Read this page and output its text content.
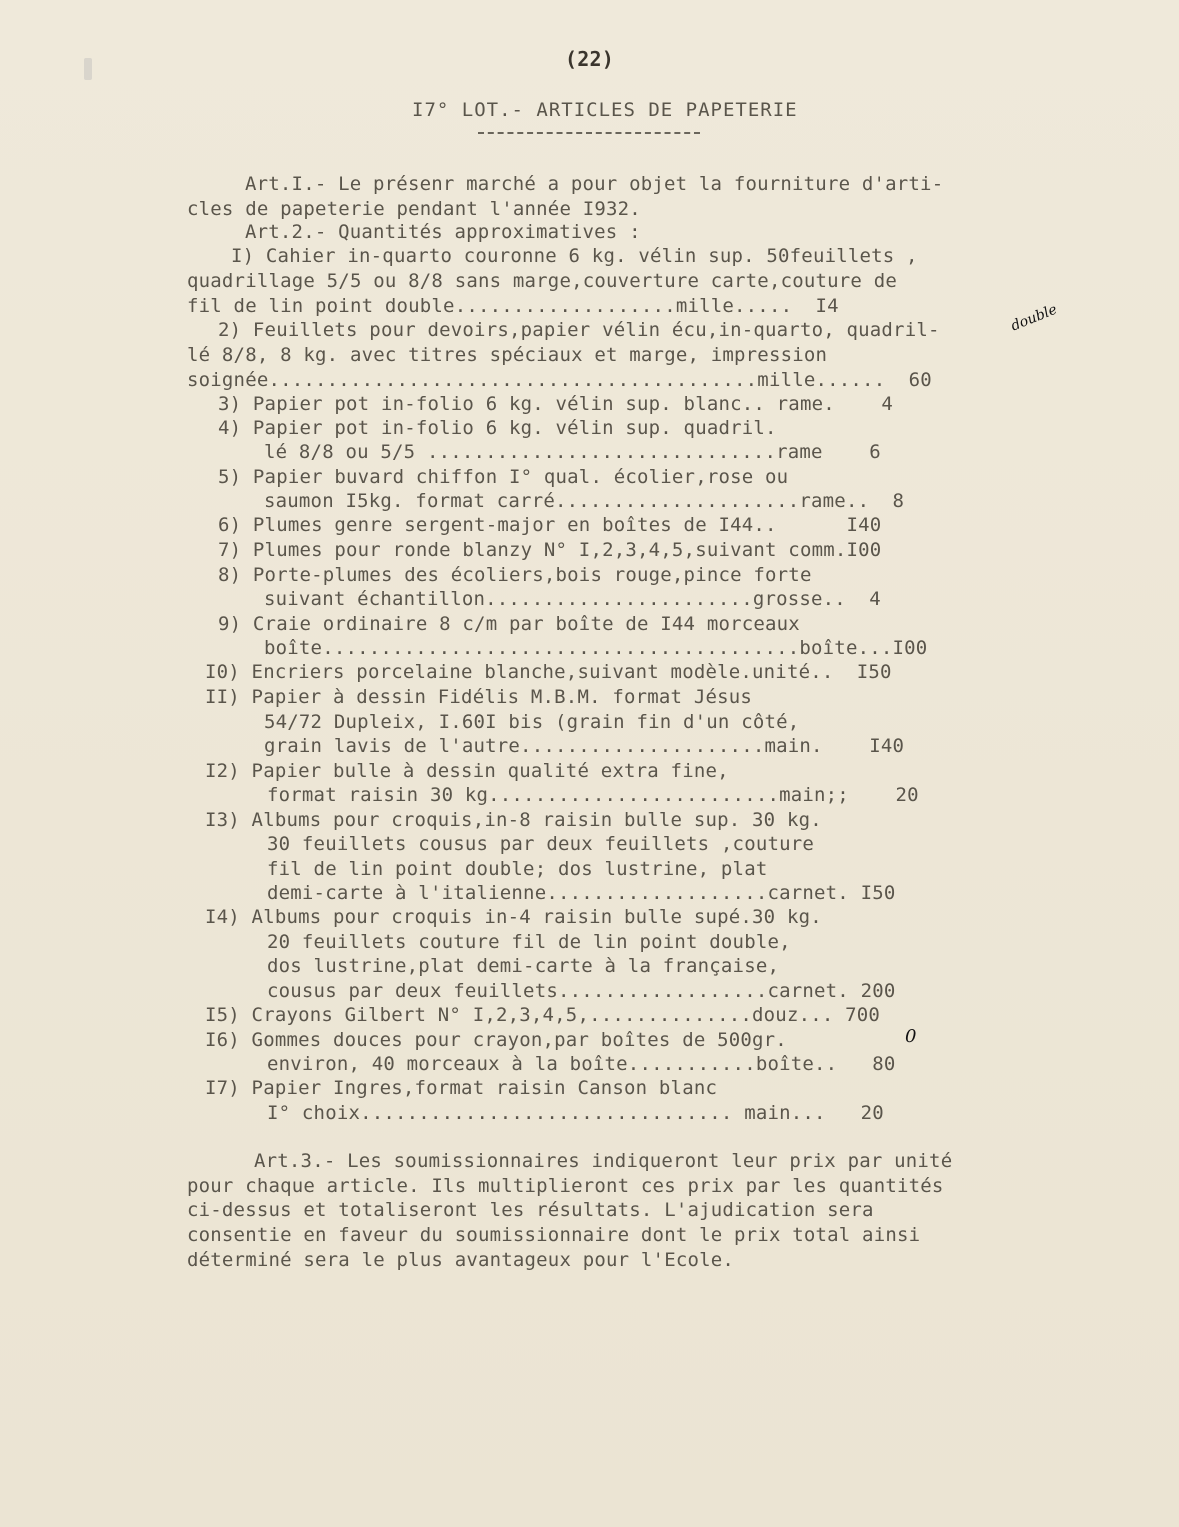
(22)
I7° LOT.- ARTICLES DE PAPETERIE
Art.I.- Le présenr marché a pour objet la fourniture d'arti-
cles de papeterie pendant l'année I932.
Art.2.- Quantités approximatives :
I) Cahier in-quarto couronne 6 kg. vélin sup. 50feuillets ,
quadrillage 5/5 ou 8/8 sans marge,couverture carte,couture de
fil de lin point double...................mille.....  I4
2) Feuillets pour devoirs,papier vélin écu,in-quarto, quadril-
lé 8/8, 8 kg. avec titres spéciaux et marge, impression
soignée..........................................mille......  60
3) Papier pot in-folio 6 kg. vélin sup. blanc.. rame.    4
4) Papier pot in-folio 6 kg. vélin sup. quadril.
lé 8/8 ou 5/5 ..............................rame    6
5) Papier buvard chiffon I° qual. écolier,rose ou
saumon I5kg. format carré.....................rame..  8
6) Plumes genre sergent-major en boîtes de I44..      I40
7) Plumes pour ronde blanzy N° I,2,3,4,5,suivant comm.I00
8) Porte-plumes des écoliers,bois rouge,pince forte
suivant échantillon.......................grosse..  4
9) Craie ordinaire 8 c/m par boîte de I44 morceaux
boîte.........................................boîte...I00
I0) Encriers porcelaine blanche,suivant modèle.unité..  I50
II) Papier à dessin Fidélis M.B.M. format Jésus
54/72 Dupleix, I.60I bis (grain fin d'un côté,
grain lavis de l'autre.....................main.    I40
I2) Papier bulle à dessin qualité extra fine,
format raisin 30 kg.........................main;;    20
I3) Albums pour croquis,in-8 raisin bulle sup. 30 kg.
30 feuillets cousus par deux feuillets ,couture
fil de lin point double; dos lustrine, plat
demi-carte à l'italienne...................carnet. I50
I4) Albums pour croquis in-4 raisin bulle supé.30 kg.
20 feuillets couture fil de lin point double,
dos lustrine,plat demi-carte à la française,
cousus par deux feuillets..................carnet. 200
I5) Crayons Gilbert N° I,2,3,4,5,..............douz... 700
I6) Gommes douces pour crayon,par boîtes de 500gr.
environ, 40 morceaux à la boîte...........boîte..   80
I7) Papier Ingres,format raisin Canson blanc
I° choix................................ main...   20
double
0
Art.3.- Les soumissionnaires indiqueront leur prix par unité
pour chaque article. Ils multiplieront ces prix par les quantités
ci-dessus et totaliseront les résultats. L'ajudication sera
consentie en faveur du soumissionnaire dont le prix total ainsi
déterminé sera le plus avantageux pour l'Ecole.
